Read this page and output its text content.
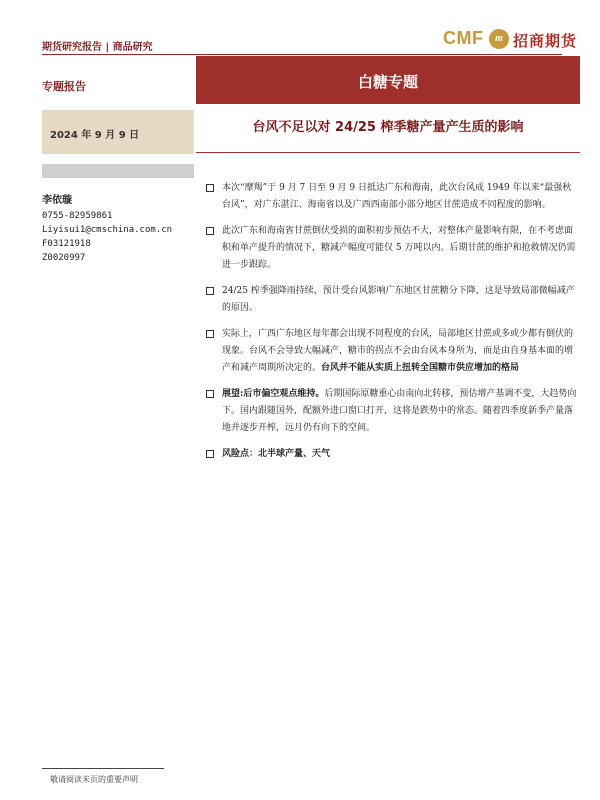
期货研究报告 | 商品研究	CMF	m 招商期货
专题报告
2024 年 9 月 9 日
李依璇
0755-82959861
Liyisui1@cmschina.com.cn
F03121918
Z0020997
白糖专题
台风不足以对 24/25 榨季糖产量产生质的影响
本次“摩羯”于 9 月 7 日至 9 月 9 日抵达广东和海南，此次台风成 1949 年以来“最强秋台风”，对广东湛江、海南省以及广西西南部小部分地区甘蔗造成不同程度的影响。
此次广东和海南省甘蔗倒伏受损的面积初步预估不大，对整体产量影响有限，在不考虑面积和单产提升的情况下，糖减产幅度可能仅 5 万吨以内。后期甘蔗的维护和抢救情况仍需进一步跟踪。
24/25 榨季强降雨持续，预计受台风影响广东地区甘蔗糖分下降，这是导致局部微幅减产的原因。
实际上，广西广东地区每年都会出现不同程度的台风，局部地区甘蔗或多或少都有倒伏的现象。台风不会导致大幅减产，糖市的拐点不会由台风本身所为，而是由自身基本面的增产和减产周期所决定的。台风并不能从实质上扭转全国糖市供应增加的格局
展望:后市偏空观点维持。后期国际原糖重心由南向北转移，预估增产基调不变，大趋势向下。国内跟随国外，配额外进口窗口打开，这将是跌势中的常态。随着四季度新季产量落地并逐步开榨，远月仍有向下的空间。
风险点：北半球产量、天气
敬请阅读末页的重要声明
